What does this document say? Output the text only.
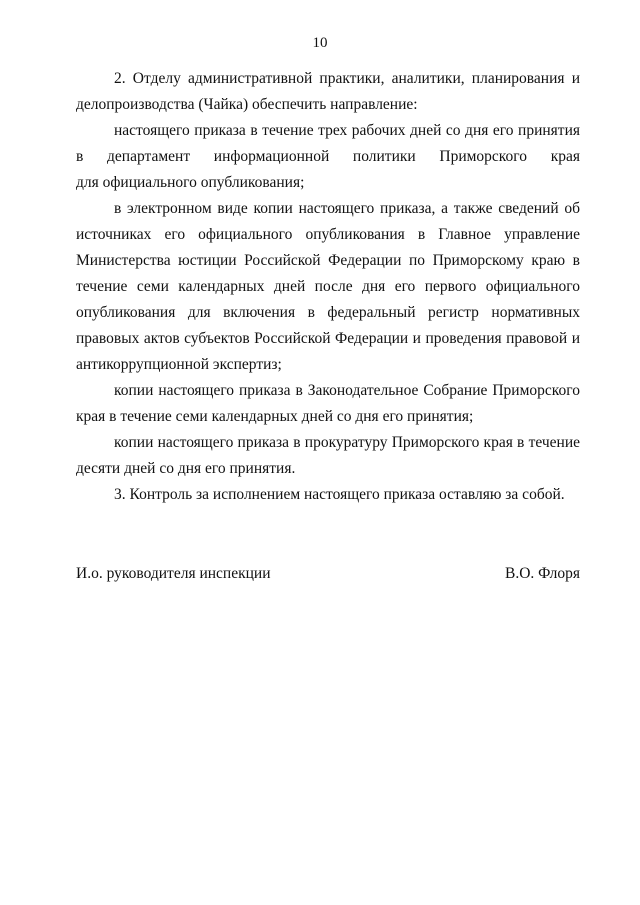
10

2. Отделу административной практики, аналитики, планирования и

делопроизводства (Чайка) обеспечить направление:

настоящего приказа в течение трех рабочих дней со дня его принятия

в департамент информационной политики Приморского края

для официального опубликования;

в электронном виде копии настоящего приказа, а также сведений об источниках его официального опубликования в Главное управление Министерства юстиции Российской Федерации по Приморскому краю в течение семи календарных дней после дня его первого официального опубликования для включения в федеральный регистр нормативных правовых актов субъектов Российской Федерации и проведения правовой и антикоррупционной экспертиз;

копии настоящего приказа в Законодательное Собрание Приморского края в течение семи календарных дней со дня его принятия;

копии настоящего приказа в прокуратуру Приморского края в течение десяти дней со дня его принятия.

3. Контроль за исполнением настоящего приказа оставляю за собой.

И.о. руководителя инспекции	В.О. Флоря
